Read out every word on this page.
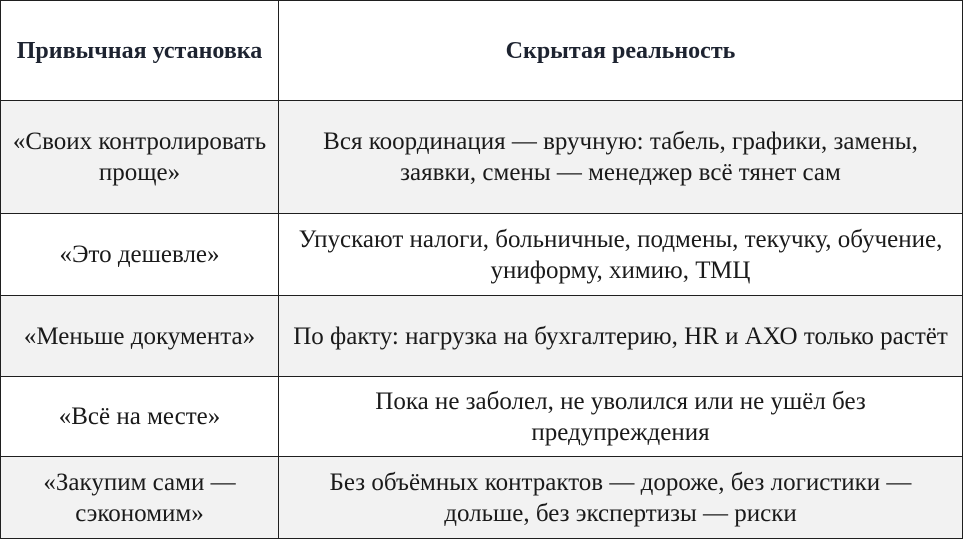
Привычная установка	Скрытая реальность
«Своих контролировать проще»	Вся координация — вручную: табель, графики, замены, заявки, смены — менеджер всё тянет сам
«Это дешевле»	Упускают налоги, больничные, подмены, текучку, обучение, униформу, химию, ТМЦ
«Меньше документа»	По факту: нагрузка на бухгалтерию, HR и АХО только растёт
«Всё на месте»	Пока не заболел, не уволился или не ушёл без предупреждения
«Закупим сами — сэкономим»	Без объёмных контрактов — дороже, без логистики — дольше, без экспертизы — риски
